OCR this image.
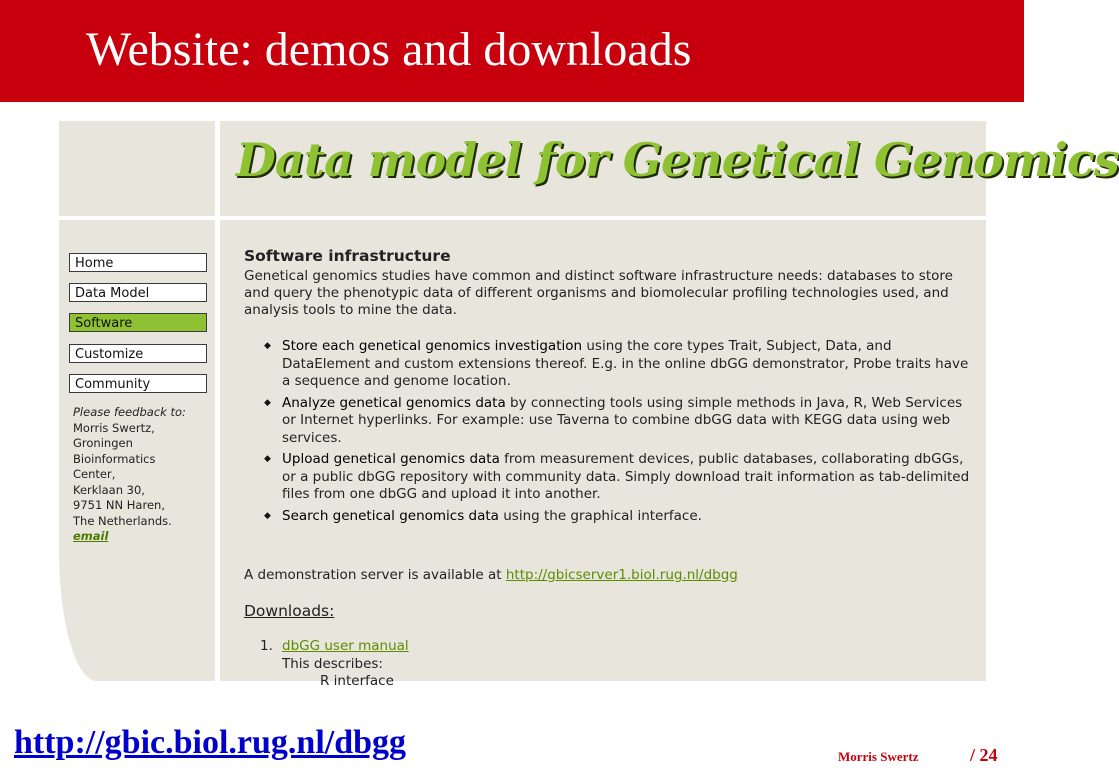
Website: demos and downloads
Data model for Genetical Genomics
Home
Data Model
Software
Customize
Community
Please feedback to:
Morris Swertz,
Groningen
Bioinformatics
Center,
Kerklaan 30,
9751 NN Haren,
The Netherlands.
email
Software infrastructure
Genetical genomics studies have common and distinct software infrastructure needs: databases to store and query the phenotypic data of different organisms and biomolecular profiling technologies used, and analysis tools to mine the data.
◆ Store each genetical genomics investigation using the core types Trait, Subject, Data, and DataElement and custom extensions thereof. E.g. in the online dbGG demonstrator, Probe traits have a sequence and genome location.
◆ Analyze genetical genomics data by connecting tools using simple methods in Java, R, Web Services or Internet hyperlinks. For example: use Taverna to combine dbGG data with KEGG data using web services.
◆ Upload genetical genomics data from measurement devices, public databases, collaborating dbGGs, or a public dbGG repository with community data. Simply download trait information as tab-delimited files from one dbGG and upload it into another.
◆ Search genetical genomics data using the graphical interface.
A demonstration server is available at http://gbicserver1.biol.rug.nl/dbgg
Downloads:
1. dbGG user manual
This describes:
R interface
http://gbic.biol.rug.nl/dbgg	Morris Swertz	/ 24
